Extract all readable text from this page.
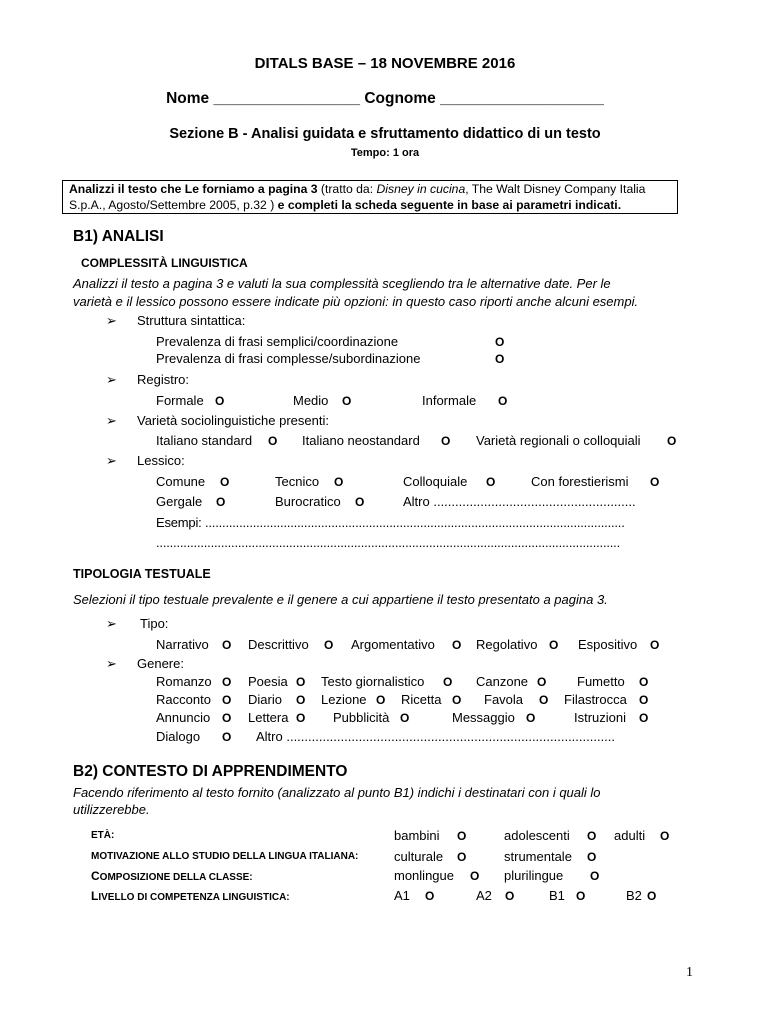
DITALS BASE – 18 NOVEMBRE 2016
Nome _________________ Cognome ___________________
Sezione B - Analisi guidata e sfruttamento didattico di un testo
Tempo: 1 ora
Analizzi il testo che Le forniamo a pagina 3 (tratto da: Disney in cucina, The Walt Disney Company Italia
S.p.A., Agosto/Settembre 2005, p.32 ) e completi la scheda seguente in base ai parametri indicati.
B1) ANALISI
COMPLESSITÀ LINGUISTICA
Analizzi il testo a pagina 3 e valuti la sua complessità scegliendo tra le alternative date. Per le
varietà e il lessico possono essere indicate più opzioni: in questo caso riporti anche alcuni esempi.
➢ Struttura sintattica:
Prevalenza di frasi semplici/coordinazione	O
Prevalenza di frasi complesse/subordinazione	O
➢ Registro:
Formale O	Medio O	Informale O
➢ Varietà sociolinguistiche presenti:
Italiano standard O Italiano neostandard O Varietà regionali o colloquiali O
➢ Lessico:
Comune O	Tecnico O	Colloquiale O	Con forestierismi O
Gergale O	Burocratico O	Altro ........................................................
Esempi: ...........................................................................................................................
........................................................................................................................................
TIPOLOGIA TESTUALE
Selezioni il tipo testuale prevalente e il genere a cui appartiene il testo presentato a pagina 3.
➢ Tipo:
Narrativo O Descrittivo O Argomentativo O Regolativo O Espositivo O
➢ Genere:
Romanzo O Poesia O Testo giornalistico O Canzone O Fumetto O
Racconto O Diario O Lezione O Ricetta O Favola O Filastrocca O
Annuncio O Lettera O Pubblicità O	Messaggio O	Istruzioni O
Dialogo O Altro ...........................................................................................
B2) CONTESTO DI APPRENDIMENTO
Facendo riferimento al testo fornito (analizzato al punto B1) indichi i destinatari con i quali lo
utilizzerebbe.
ETÀ:	bambini O	adolescenti O adulti O
MOTIVAZIONE ALLO STUDIO DELLA LINGUA ITALIANA:	culturale O	strumentale O
COMPOSIZIONE DELLA CLASSE:	monlingue O plurilingue O
LIVELLO DI COMPETENZA LINGUISTICA:	A1 O	A2 O	B1 O	B2 O
1
